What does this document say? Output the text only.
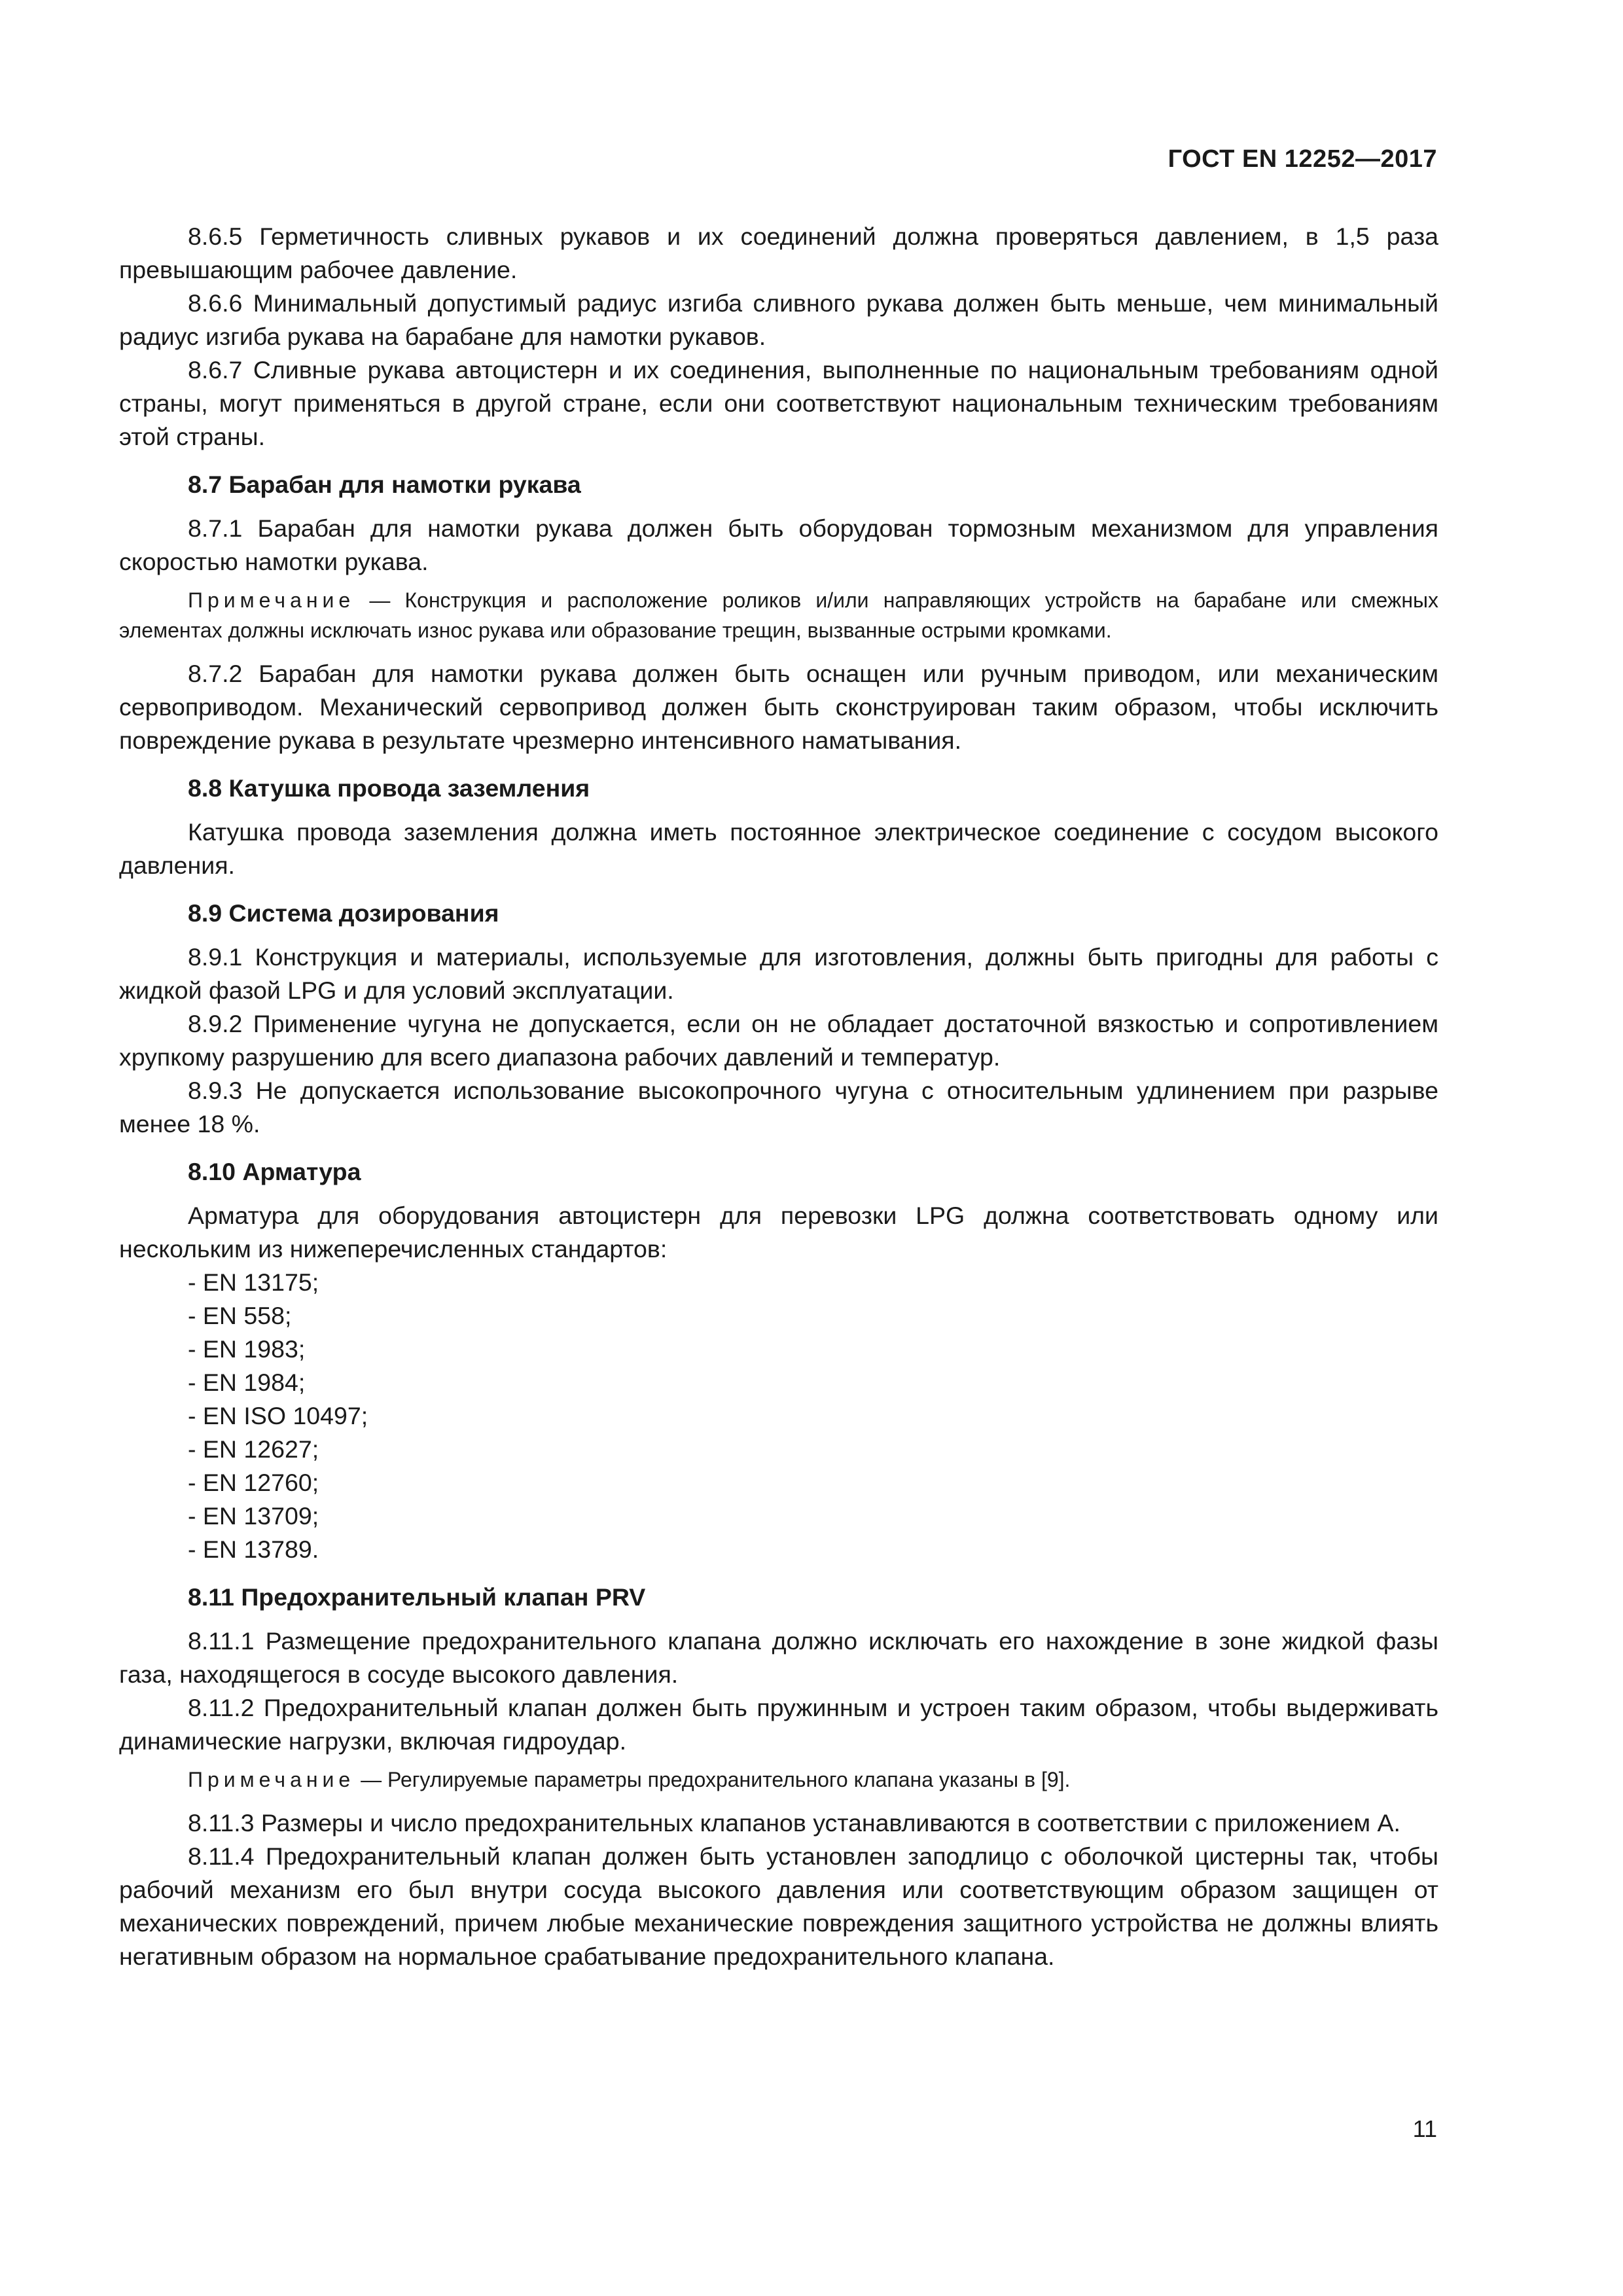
ГОСТ EN 12252—2017

8.6.5 Герметичность сливных рукавов и их соединений должна проверяться давлением, в 1,5 раза превышающим рабочее давление.

8.6.6 Минимальный допустимый радиус изгиба сливного рукава должен быть меньше, чем минимальный радиус изгиба рукава на барабане для намотки рукавов.

8.6.7 Сливные рукава автоцистерн и их соединения, выполненные по национальным требованиям одной страны, могут применяться в другой стране, если они соответствуют национальным техническим требованиям этой страны.

8.7 Барабан для намотки рукава

8.7.1 Барабан для намотки рукава должен быть оборудован тормозным механизмом для управления скоростью намотки рукава.

Примечание — Конструкция и расположение роликов и/или направляющих устройств на барабане или смежных элементах должны исключать износ рукава или образование трещин, вызванные острыми кромками.

8.7.2 Барабан для намотки рукава должен быть оснащен или ручным приводом, или механическим сервоприводом. Механический сервопривод должен быть сконструирован таким образом, чтобы исключить повреждение рукава в результате чрезмерно интенсивного наматывания.

8.8 Катушка провода заземления

Катушка провода заземления должна иметь постоянное электрическое соединение с сосудом высокого давления.

8.9 Система дозирования

8.9.1 Конструкция и материалы, используемые для изготовления, должны быть пригодны для работы с жидкой фазой LPG и для условий эксплуатации.

8.9.2 Применение чугуна не допускается, если он не обладает достаточной вязкостью и сопротивлением хрупкому разрушению для всего диапазона рабочих давлений и температур.

8.9.3 Не допускается использование высокопрочного чугуна с относительным удлинением при разрыве менее 18 %.

8.10 Арматура

Арматура для оборудования автоцистерн для перевозки LPG должна соответствовать одному или нескольким из нижеперечисленных стандартов:

- EN 13175;
- EN 558;
- EN 1983;
- EN 1984;
- EN ISO 10497;
- EN 12627;
- EN 12760;
- EN 13709;
- EN 13789.
8.11 Предохранительный клапан PRV

8.11.1 Размещение предохранительного клапана должно исключать его нахождение в зоне жидкой фазы газа, находящегося в сосуде высокого давления.

8.11.2 Предохранительный клапан должен быть пружинным и устроен таким образом, чтобы выдерживать динамические нагрузки, включая гидроудар.

Примечание — Регулируемые параметры предохранительного клапана указаны в [9].

8.11.3 Размеры и число предохранительных клапанов устанавливаются в соответствии с приложением А.

8.11.4 Предохранительный клапан должен быть установлен заподлицо с оболочкой цистерны так, чтобы рабочий механизм его был внутри сосуда высокого давления или соответствующим образом защищен от механических повреждений, причем любые механические повреждения защитного устройства не должны влиять негативным образом на нормальное срабатывание предохранительного клапана.

11
